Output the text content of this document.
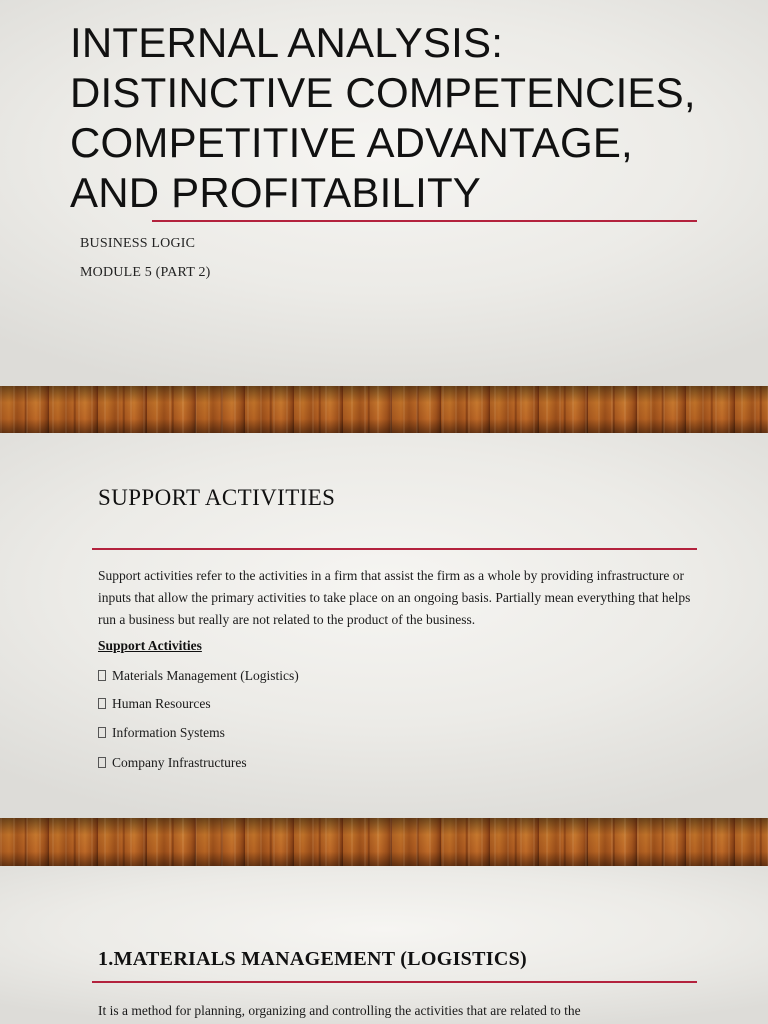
INTERNAL ANALYSIS:
DISTINCTIVE COMPETENCIES,
COMPETITIVE ADVANTAGE,
AND PROFITABILITY
BUSINESS LOGIC
MODULE 5 (PART 2)
SUPPORT ACTIVITIES

Support activities refer to the activities in a firm that assist the firm as a whole by providing infrastructure or inputs that allow the primary activities to take place on an ongoing basis. Partially mean everything that helps run a business but really are not related to the product of the business.

Support Activities
Materials Management (Logistics)
Human Resources
Information Systems
Company Infrastructures
1.MATERIALS MANAGEMENT (LOGISTICS)

It is a method for planning, organizing and controlling the activities that are related to the
